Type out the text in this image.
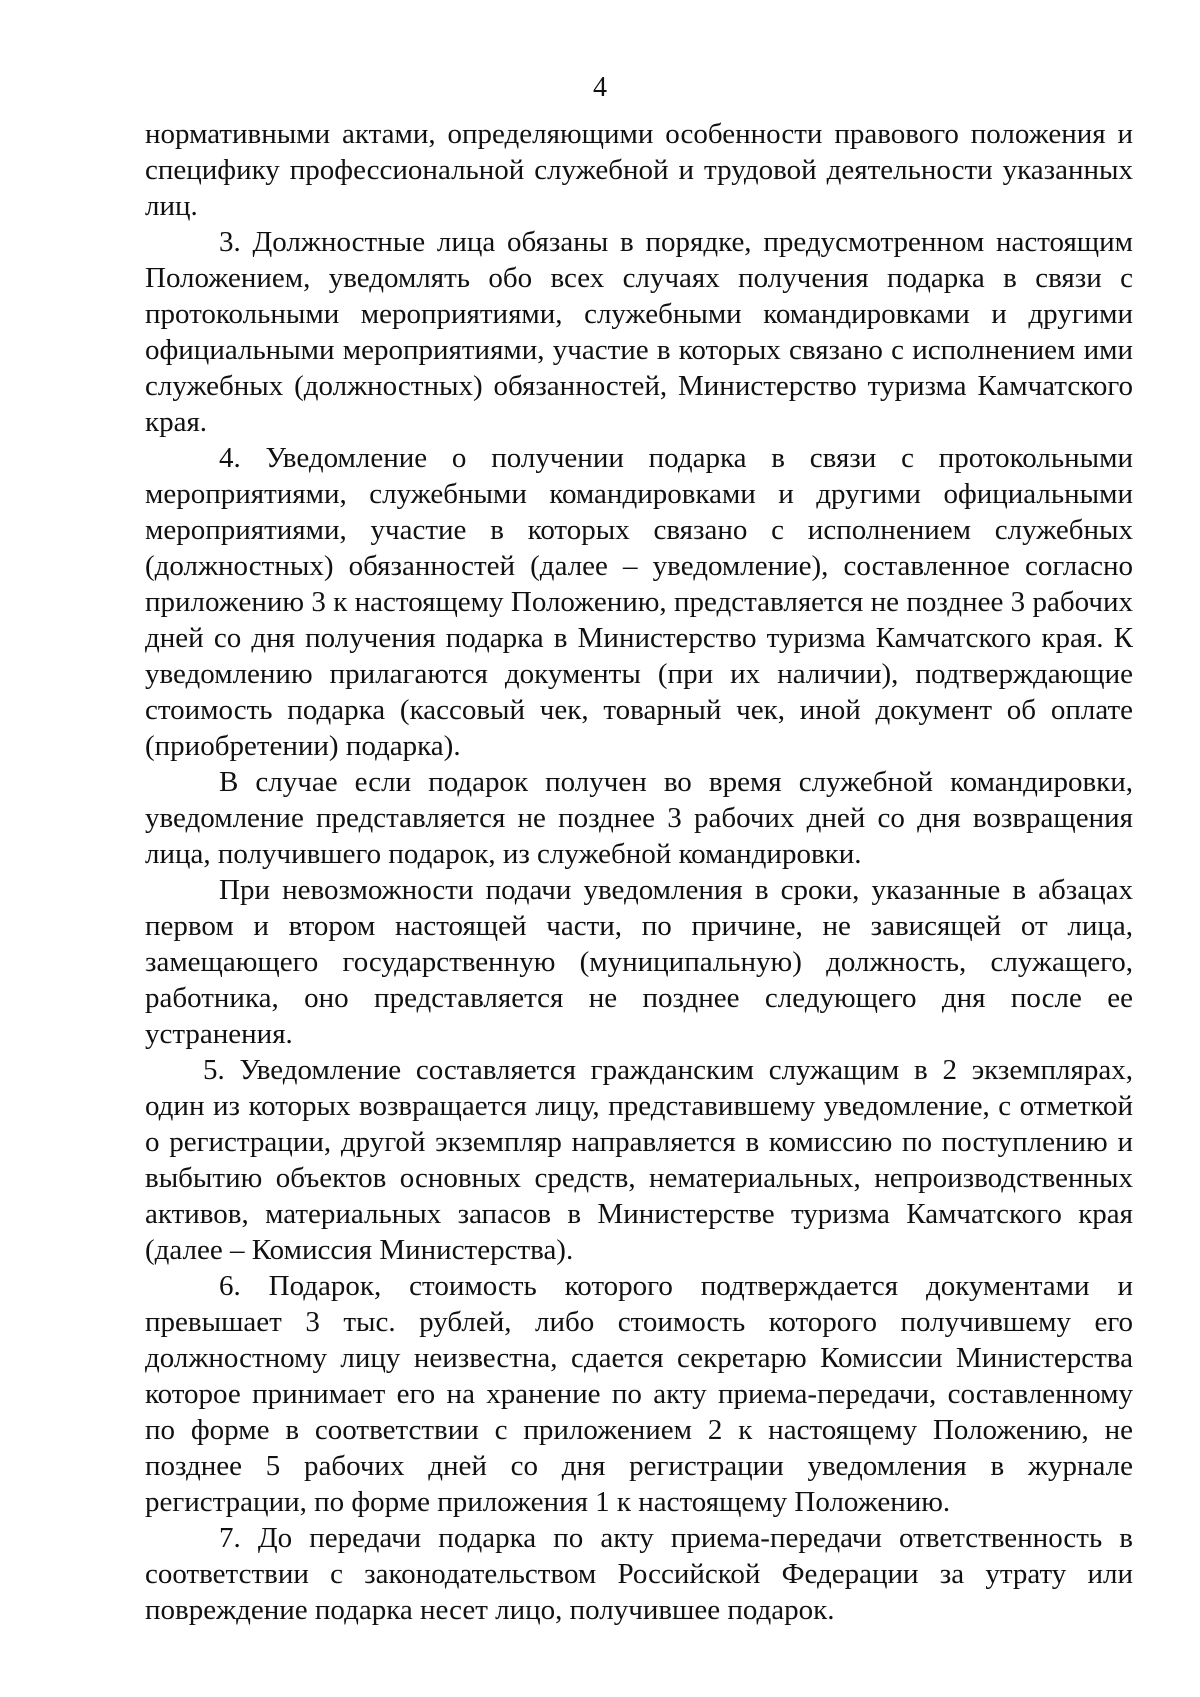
4

нормативными актами, определяющими особенности правового положения и специфику профессиональной служебной и трудовой деятельности указанных лиц.

3. Должностные лица обязаны в порядке, предусмотренном настоящим Положением, уведомлять обо всех случаях получения подарка в связи с протокольными мероприятиями, служебными командировками и другими официальными мероприятиями, участие в которых связано с исполнением ими служебных (должностных) обязанностей, Министерство туризма Камчатского края.

4. Уведомление о получении подарка в связи с протокольными мероприятиями, служебными командировками и другими официальными мероприятиями, участие в которых связано с исполнением служебных (должностных) обязанностей (далее – уведомление), составленное согласно приложению 3 к настоящему Положению, представляется не позднее 3 рабочих дней со дня получения подарка в Министерство туризма Камчатского края. К уведомлению прилагаются документы (при их наличии), подтверждающие стоимость подарка (кассовый чек, товарный чек, иной документ об оплате (приобретении) подарка).

В случае если подарок получен во время служебной командировки, уведомление представляется не позднее 3 рабочих дней со дня возвращения лица, получившего подарок, из служебной командировки.

При невозможности подачи уведомления в сроки, указанные в абзацах первом и втором настоящей части, по причине, не зависящей от лица, замещающего государственную (муниципальную) должность, служащего, работника, оно представляется не позднее следующего дня после ее устранения.

5. Уведомление составляется гражданским служащим в 2 экземплярах, один из которых возвращается лицу, представившему уведомление, с отметкой о регистрации, другой экземпляр направляется в комиссию по поступлению и выбытию объектов основных средств, нематериальных, непроизводственных активов, материальных запасов в Министерстве туризма Камчатского края (далее – Комиссия Министерства).

6. Подарок, стоимость которого подтверждается документами и превышает 3 тыс. рублей, либо стоимость которого получившему его должностному лицу неизвестна, сдается секретарю Комиссии Министерства которое принимает его на хранение по акту приема-передачи, составленному по форме в соответствии с приложением 2 к настоящему Положению, не позднее 5 рабочих дней со дня регистрации уведомления в журнале регистрации, по форме приложения 1 к настоящему Положению.

7. До передачи подарка по акту приема-передачи ответственность в соответствии с законодательством Российской Федерации за утрату или повреждение подарка несет лицо, получившее подарок.
